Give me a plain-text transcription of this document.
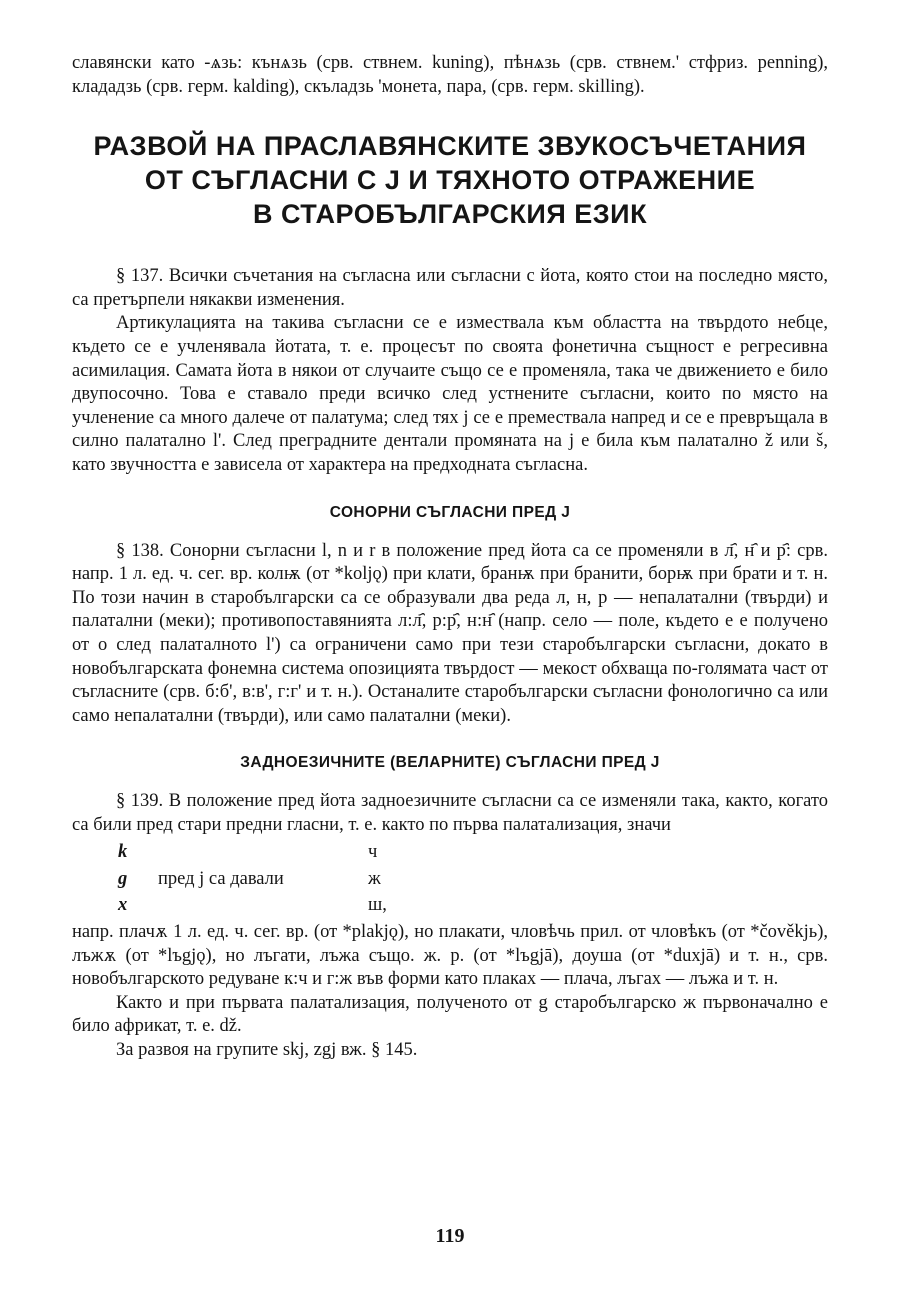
славянски като -ѧзь: кънѧзь (срв. ствнем. kuning), пѣнѧзь (срв. ствнем.' стфриз. penning), клададзь (срв. герм. kalding), скъладзь 'монета, пара, (срв. герм. skilling).

РАЗВОЙ НА ПРАСЛАВЯНСКИТЕ ЗВУКОСЪЧЕТАНИЯ
ОТ СЪГЛАСНИ С J И ТЯХНОТО ОТРАЖЕНИЕ
В СТАРОБЪЛГАРСКИЯ ЕЗИК

§ 137. Всички съчетания на съгласна или съгласни с йота, която стои на последно място, са претърпели някакви изменения.

Артикулацията на такива съгласни се е измествала към областта на твърдото небце, където се е учленявала йотата, т. е. процесът по своята фонетична същност е регресивна асимилация. Самата йота в някои от случаите също се е променяла, така че движението е било двупосочно. Това е ставало преди всичко след устнените съгласни, които по място на учленение са много далече от палатума; след тях j се е премествала напред и се е превръщала в силно палатално l'. След преградните дентали промяната на j е била към палатално ž или š, като звучността е зависела от характера на предходната съгласна.

СОНОРНИ СЪГЛАСНИ ПРЕД J

§ 138. Сонорни съгласни l, n и r в положение пред йота са се променяли в л҄, н҄ и р҄: срв. напр. 1 л. ед. ч. сег. вр. колѭ (от *koljǫ) при клати, бранѭ при бранити, борѭ при брати и т. н. По този начин в старобългарски са се образували два реда л, н, р — непалатални (твърди) и палатални (меки); противопоставянията л:л҄, р:р҄, н:н҄ (напр. село — поле, където е е получено от o след палаталното l') са ограничени само при тези старобългарски съгласни, докато в новобългарската фонемна система опозицията твърдост — мекост обхваща по-голямата част от съгласните (срв. б:б', в:в', г:г' и т. н.). Останалите старобългарски съгласни фонологично са или само непалатални (твърди), или само палатални (меки).

ЗАДНОЕЗИЧНИТЕ (ВЕЛАРНИТЕ) СЪГЛАСНИ ПРЕД J

§ 139. В положение пред йота задноезичните съгласни са се изменяли така, както, когато са били пред стари предни гласни, т. е. както по първа палатализация, значи

k	ч
g пред j са давали	ж
x	ш,

напр. плачѫ 1 л. ед. ч. сег. вр. (от *plakjǫ), но плакати, чловѣчь прил. от чловѣкъ (от *čověkjь), лъжѫ (от *lъgjǫ), но лъгати, лъжа също. ж. р. (от *lъgjā), доуша (от *duxjā) и т. н., срв. новобългарското редуване к:ч и г:ж във форми като плаках — плача, лъгах — лъжа и т. н.

Както и при първата палатализация, полученото от g старобългарско ж първоначално е било африкат, т. е. dž.

За развоя на групите skj, zgj вж. § 145.

119
